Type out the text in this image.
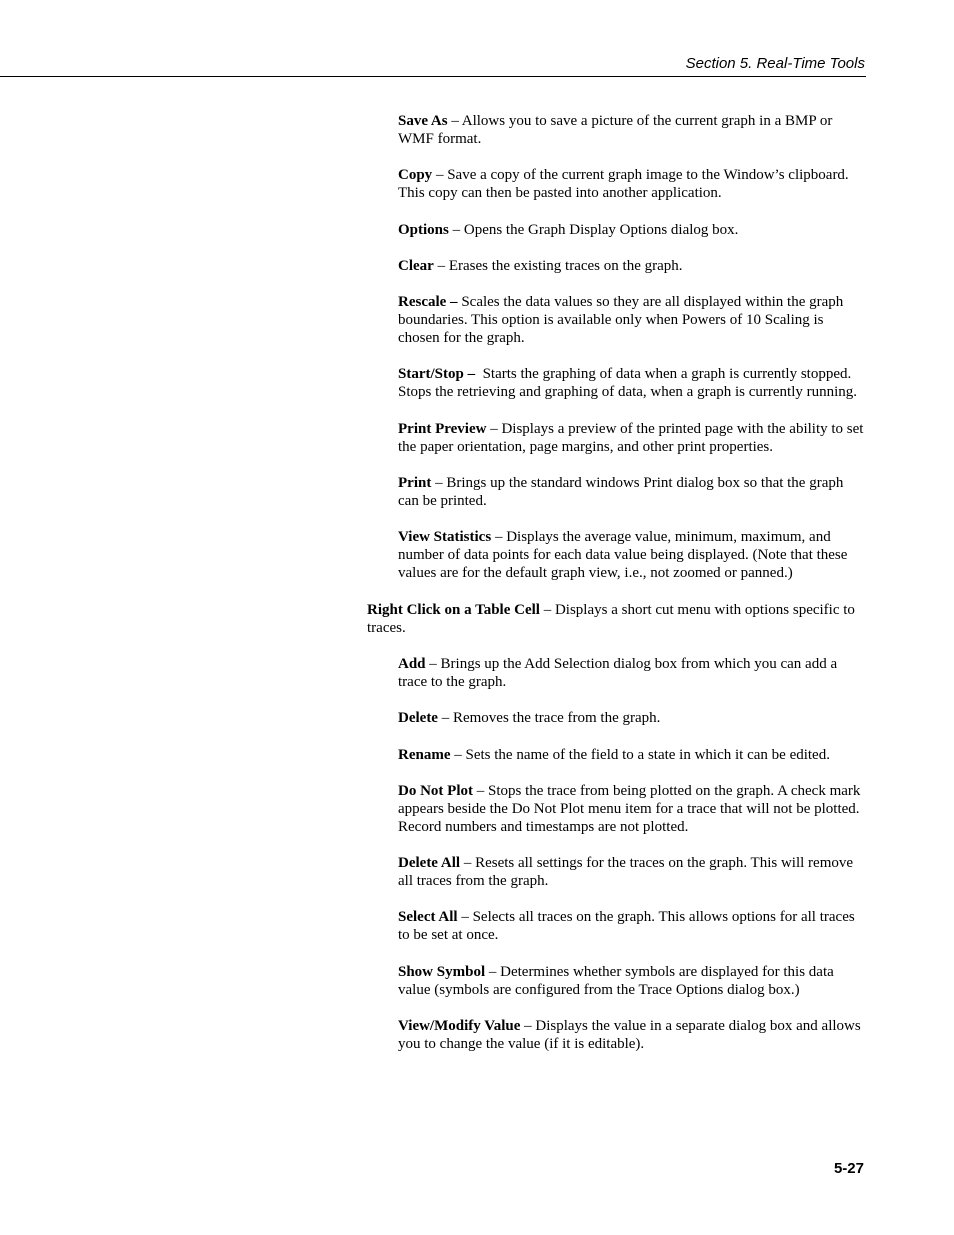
Section 5. Real-Time Tools

Save As – Allows you to save a picture of the current graph in a BMP or WMF format.

Copy – Save a copy of the current graph image to the Window’s clipboard. This copy can then be pasted into another application.

Options – Opens the Graph Display Options dialog box.

Clear – Erases the existing traces on the graph.

Rescale – Scales the data values so they are all displayed within the graph boundaries. This option is available only when Powers of 10 Scaling is chosen for the graph.

Start/Stop –  Starts the graphing of data when a graph is currently stopped. Stops the retrieving and graphing of data, when a graph is currently running.

Print Preview – Displays a preview of the printed page with the ability to set the paper orientation, page margins, and other print properties.

Print – Brings up the standard windows Print dialog box so that the graph can be printed.

View Statistics – Displays the average value, minimum, maximum, and number of data points for each data value being displayed. (Note that these values are for the default graph view, i.e., not zoomed or panned.)

Right Click on a Table Cell – Displays a short cut menu with options specific to traces.

Add – Brings up the Add Selection dialog box from which you can add a trace to the graph.

Delete – Removes the trace from the graph.

Rename – Sets the name of the field to a state in which it can be edited.

Do Not Plot – Stops the trace from being plotted on the graph. A check mark appears beside the Do Not Plot menu item for a trace that will not be plotted. Record numbers and timestamps are not plotted.

Delete All – Resets all settings for the traces on the graph. This will remove all traces from the graph.

Select All – Selects all traces on the graph. This allows options for all traces to be set at once.

Show Symbol – Determines whether symbols are displayed for this data value (symbols are configured from the Trace Options dialog box.)

View/Modify Value – Displays the value in a separate dialog box and allows you to change the value (if it is editable).

5-27
